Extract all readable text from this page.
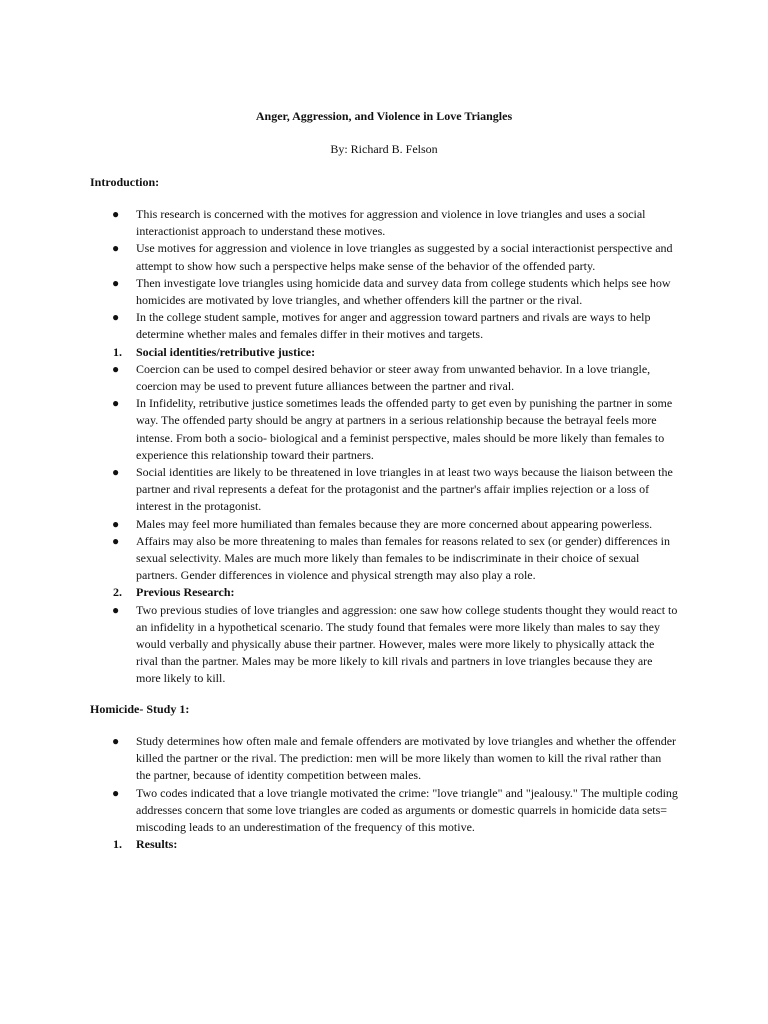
Anger, Aggression, and Violence in Love Triangles
By: Richard B. Felson
Introduction:
● This research is concerned with the motives for aggression and violence in love triangles and uses a social interactionist approach to understand these motives.
● Use motives for aggression and violence in love triangles as suggested by a social interactionist perspective and attempt to show how such a perspective helps make sense of the behavior of the offended party.
● Then investigate love triangles using homicide data and survey data from college students which helps see how homicides are motivated by love triangles, and whether offenders kill the partner or the rival.
● In the college student sample, motives for anger and aggression toward partners and rivals are ways to help determine whether males and females differ in their motives and targets.
1. Social identities/retributive justice:
● Coercion can be used to compel desired behavior or steer away from unwanted behavior. In a love triangle, coercion may be used to prevent future alliances between the partner and rival.
● In Infidelity, retributive justice sometimes leads the offended party to get even by punishing the partner in some way. The offended party should be angry at partners in a serious relationship because the betrayal feels more intense. From both a socio- biological and a feminist perspective, males should be more likely than females to experience this relationship toward their partners.
● Social identities are likely to be threatened in love triangles in at least two ways because the liaison between the partner and rival represents a defeat for the protagonist and the partner's affair implies rejection or a loss of interest in the protagonist.
● Males may feel more humiliated than females because they are more concerned about appearing powerless.
● Affairs may also be more threatening to males than females for reasons related to sex (or gender) differences in sexual selectivity. Males are much more likely than females to be indiscriminate in their choice of sexual partners. Gender differences in violence and physical strength may also play a role.
2. Previous Research:
● Two previous studies of love triangles and aggression: one saw how college students thought they would react to an infidelity in a hypothetical scenario. The study found that females were more likely than males to say they would verbally and physically abuse their partner. However, males were more likely to physically attack the rival than the partner. Males may be more likely to kill rivals and partners in love triangles because they are more likely to kill.
Homicide- Study 1:
● Study determines how often male and female offenders are motivated by love triangles and whether the offender killed the partner or the rival. The prediction: men will be more likely than women to kill the rival rather than the partner, because of identity competition between males.
● Two codes indicated that a love triangle motivated the crime: "love triangle" and "jealousy." The multiple coding addresses concern that some love triangles are coded as arguments or domestic quarrels in homicide data sets= miscoding leads to an underestimation of the frequency of this motive.
1. Results:
